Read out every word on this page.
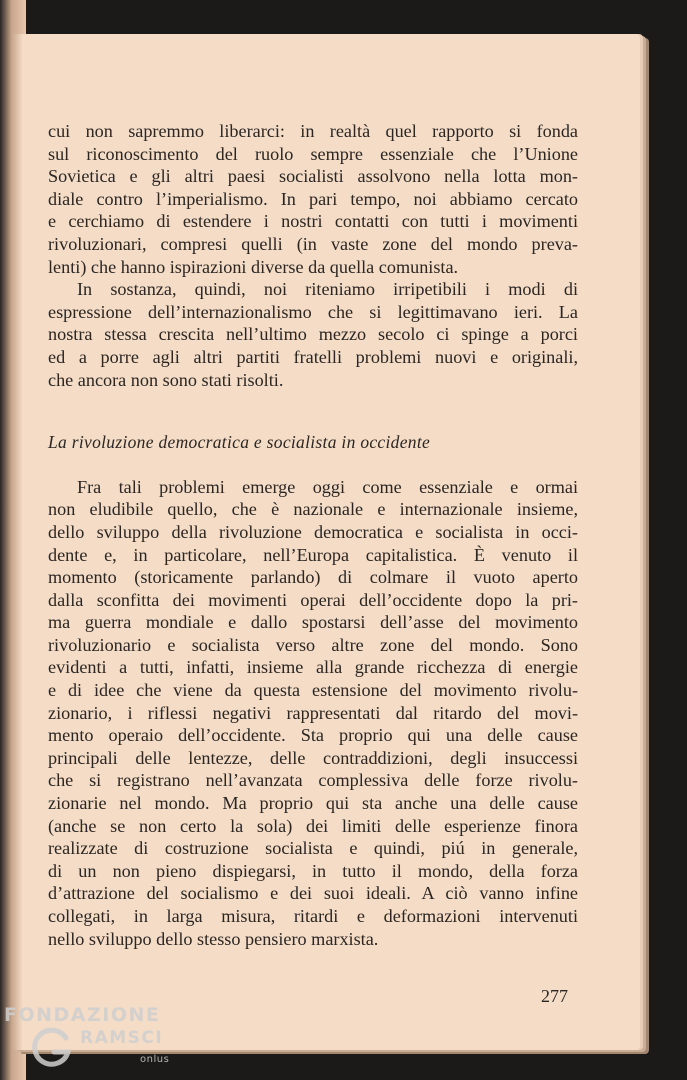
cui non sapremmo liberarci: in realtà quel rapporto si fonda
sul riconoscimento del ruolo sempre essenziale che l’Unione
Sovietica e gli altri paesi socialisti assolvono nella lotta mon-
diale contro l’imperialismo. In pari tempo, noi abbiamo cercato
e cerchiamo di estendere i nostri contatti con tutti i movimenti
rivoluzionari, compresi quelli (in vaste zone del mondo preva-
lenti) che hanno ispirazioni diverse da quella comunista.

In sostanza, quindi, noi riteniamo irripetibili i modi di
espressione dell’internazionalismo che si legittimavano ieri. La
nostra stessa crescita nell’ultimo mezzo secolo ci spinge a porci
ed a porre agli altri partiti fratelli problemi nuovi e originali,
che ancora non sono stati risolti.

La rivoluzione democratica e socialista in occidente

Fra tali problemi emerge oggi come essenziale e ormai
non eludibile quello, che è nazionale e internazionale insieme,
dello sviluppo della rivoluzione democratica e socialista in occi-
dente e, in particolare, nell’Europa capitalistica. È venuto il
momento (storicamente parlando) di colmare il vuoto aperto
dalla sconfitta dei movimenti operai dell’occidente dopo la pri-
ma guerra mondiale e dallo spostarsi dell’asse del movimento
rivoluzionario e socialista verso altre zone del mondo. Sono
evidenti a tutti, infatti, insieme alla grande ricchezza di energie
e di idee che viene da questa estensione del movimento rivolu-
zionario, i riflessi negativi rappresentati dal ritardo del movi-
mento operaio dell’occidente. Sta proprio qui una delle cause
principali delle lentezze, delle contraddizioni, degli insuccessi
che si registrano nell’avanzata complessiva delle forze rivolu-
zionarie nel mondo. Ma proprio qui sta anche una delle cause
(anche se non certo la sola) dei limiti delle esperienze finora
realizzate di costruzione socialista e quindi, piú in generale,
di un non pieno dispiegarsi, in tutto il mondo, della forza
d’attrazione del socialismo e dei suoi ideali. A ciò vanno infine
collegati, in larga misura, ritardi e deformazioni intervenuti
nello sviluppo dello stesso pensiero marxista.

277
FONDAZIONE
RAMSCI
onlus
